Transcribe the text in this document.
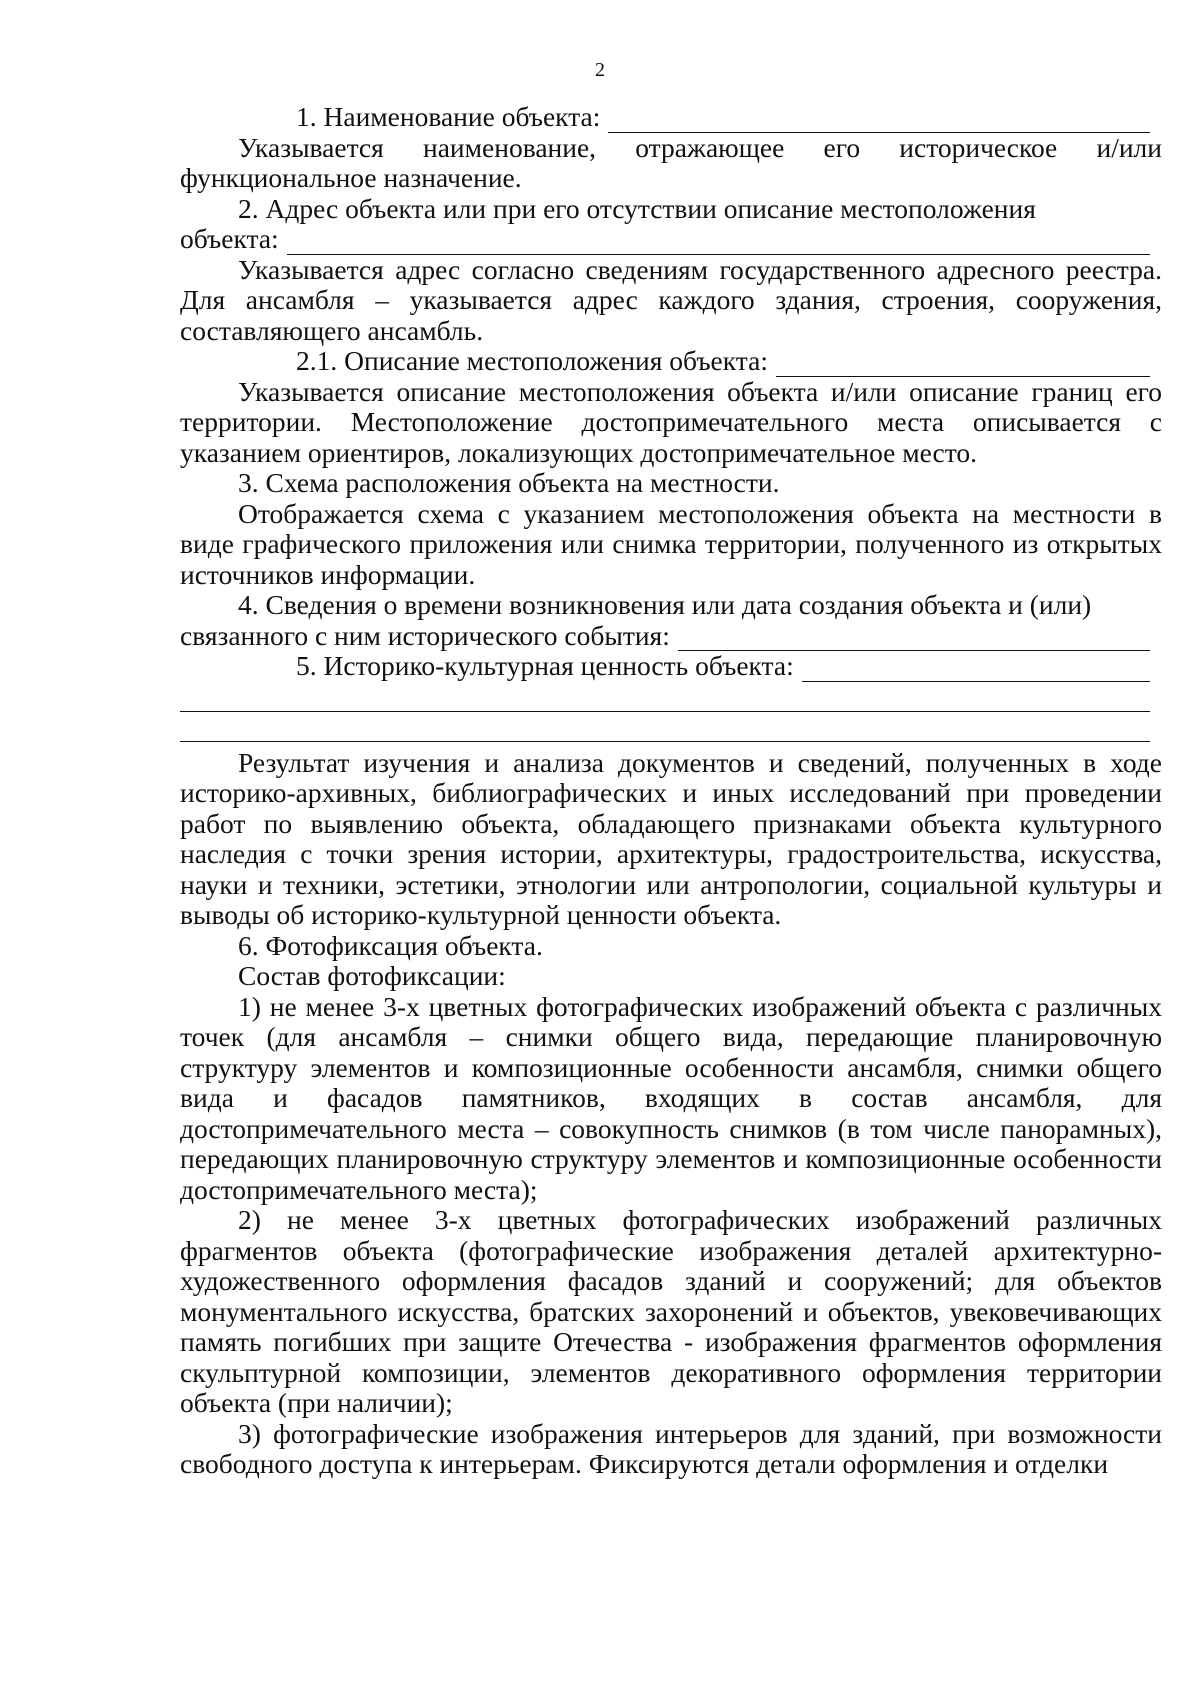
2
1. Наименование объекта:

Указывается наименование, отражающее его историческое и/или функциональное назначение.

2. Адрес объекта или при его отсутствии описание местоположения

объекта:

Указывается адрес согласно сведениям государственного адресного реестра. Для ансамбля – указывается адрес каждого здания, строения, сооружения, составляющего ансамбль.

2.1. Описание местоположения объекта:

Указывается описание местоположения объекта и/или описание границ его территории. Местоположение достопримечательного места описывается с указанием ориентиров, локализующих достопримечательное место.

3. Схема расположения объекта на местности.

Отображается схема с указанием местоположения объекта на местности в виде графического приложения или снимка территории, полученного из открытых источников информации.

4. Сведения о времени возникновения или дата создания объекта и (или)

связанного с ним исторического события:
5. Историко-культурная ценность объекта:

Результат изучения и анализа документов и сведений, полученных в ходе историко-архивных, библиографических и иных исследований при проведении работ по выявлению объекта, обладающего признаками объекта культурного наследия с точки зрения истории, архитектуры, градостроительства, искусства, науки и техники, эстетики, этнологии или антропологии, социальной культуры и выводы об историко-культурной ценности объекта.

6. Фотофиксация объекта.

Состав фотофиксации:

1) не менее 3-х цветных фотографических изображений объекта с различных точек (для ансамбля – снимки общего вида, передающие планировочную структуру элементов и композиционные особенности ансамбля, снимки общего вида и фасадов памятников, входящих в состав ансамбля, для достопримечательного места – совокупность снимков (в том числе панорамных), передающих планировочную структуру элементов и композиционные особенности достопримечательного места);

2) не менее 3-х цветных фотографических изображений различных фрагментов объекта (фотографические изображения деталей архитектурно-художественного оформления фасадов зданий и сооружений; для объектов монументального искусства, братских захоронений и объектов, увековечивающих память погибших при защите Отечества - изображения фрагментов оформления скульптурной композиции, элементов декоративного оформления территории объекта (при наличии);

3) фотографические изображения интерьеров для зданий, при возможности свободного доступа к интерьерам. Фиксируются детали оформления и отделки
